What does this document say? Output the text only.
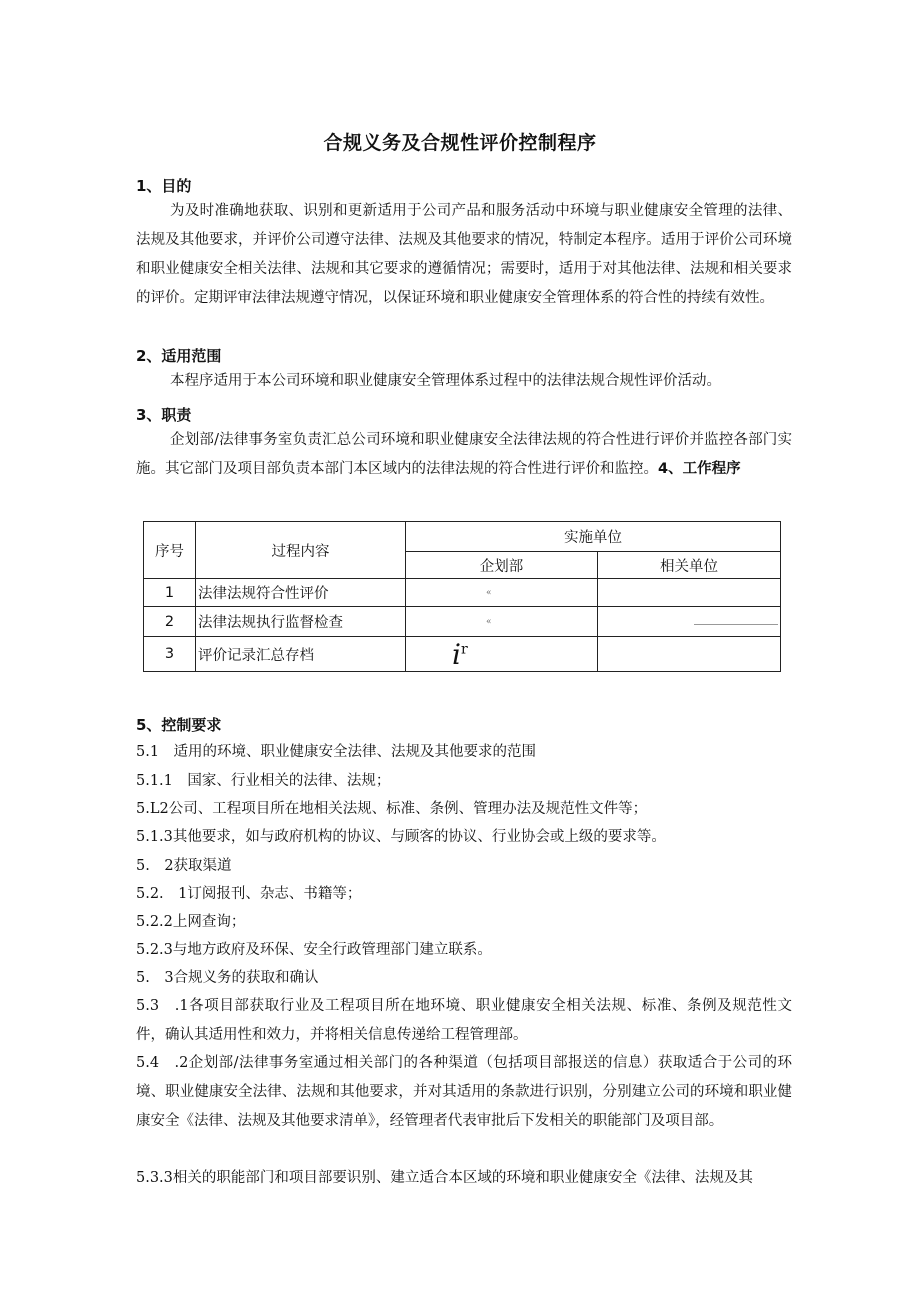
合规义务及合规性评价控制程序
1、目的

为及时准确地获取、识别和更新适用于公司产品和服务活动中环境与职业健康安全管理的法律、法规及其他要求，并评价公司遵守法律、法规及其他要求的情况，特制定本程序。适用于评价公司环境和职业健康安全相关法律、法规和其它要求的遵循情况；需要时，适用于对其他法律、法规和相关要求的评价。定期评审法律法规遵守情况，以保证环境和职业健康安全管理体系的符合性的持续有效性。

2、适用范围

本程序适用于本公司环境和职业健康安全管理体系过程中的法律法规合规性评价活动。

3、职责

企划部/法律事务室负责汇总公司环境和职业健康安全法律法规的符合性进行评价并监控各部门实施。其它部门及项目部负责本部门本区域内的法律法规的符合性进行评价和监控。4、工作程序

序号	过程内容	实施单位	
		企划部	相关单位
1	法律法规符合性评价	«	
2	法律法规执行监督检查	«	
3	评价记录汇总存档	$i^r$	
5、控制要求
5.1　适用的环境、职业健康安全法律、法规及其他要求的范围
5.1.1　国家、行业相关的法律、法规；
5.L2公司、工程项目所在地相关法规、标准、条例、管理办法及规范性文件等；
5.1.3其他要求，如与政府机构的协议、与顾客的协议、行业协会或上级的要求等。
5.　2获取渠道
5.2.　1订阅报刊、杂志、书籍等；
5.2.2上网查询；
5.2.3与地方政府及环保、安全行政管理部门建立联系。
5.　3合规义务的获取和确认

5.3　.1各项目部获取行业及工程项目所在地环境、职业健康安全相关法规、标准、条例及规范性文件，确认其适用性和效力，并将相关信息传递给工程管理部。

5.4　.2企划部/法律事务室通过相关部门的各种渠道（包括项目部报送的信息）获取适合于公司的环境、职业健康安全法律、法规和其他要求，并对其适用的条款进行识别，分别建立公司的环境和职业健康安全《法律、法规及其他要求清单》，经管理者代表审批后下发相关的职能部门及项目部。

5.3.3相关的职能部门和项目部要识别、建立适合本区域的环境和职业健康安全《法律、法规及其
